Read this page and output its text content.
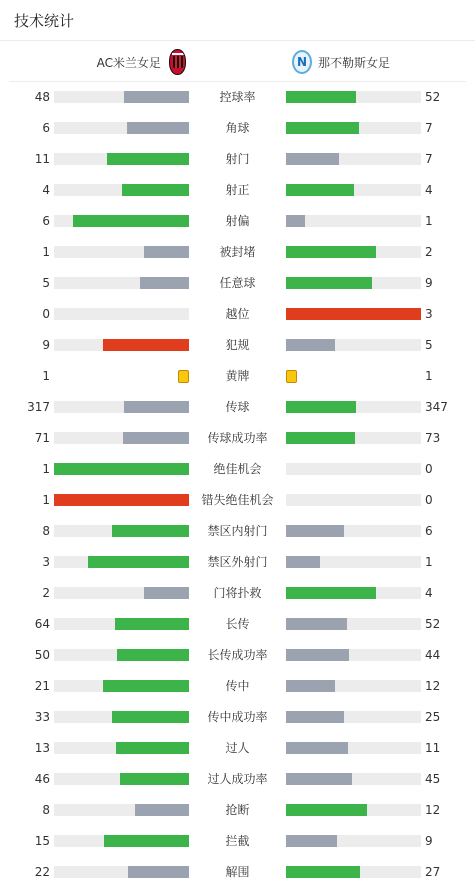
技术统计
AC米兰女足	N 那不勒斯女足
48	控球率	52
6	角球	7
11	射门	7
4	射正	4
6	射偏	1
1	被封堵	2
5	任意球	9
0	越位	3
9	犯规	5
1	黄牌	1
317	传球	347
71	传球成功率	73
1	绝佳机会	0
1	错失绝佳机会	0
8	禁区内射门	6
3	禁区外射门	1
2	门将扑救	4
64	长传	52
50	长传成功率	44
21	传中	12
33	传中成功率	25
13	过人	11
46	过人成功率	45
8	抢断	12
15	拦截	9
22	解围	27
